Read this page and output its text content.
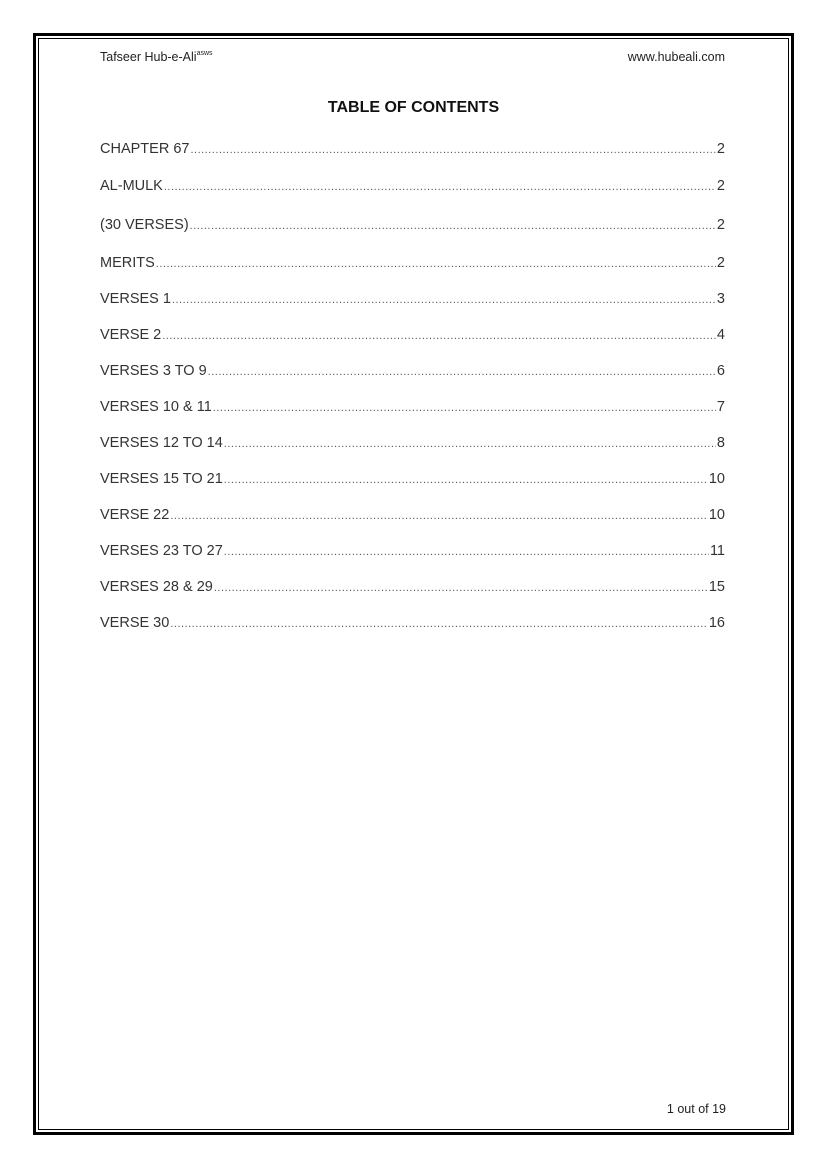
Tafseer Hub-e-Ali$^{asws}$	www.hubeali.com
TABLE OF CONTENTS
CHAPTER 67 .....	2
AL-MULK .....	2
(30 VERSES) .....	2
MERITS .....	2
VERSES 1 .....	3
VERSE 2 .....	4
VERSES 3 TO 9 .....	6
VERSES 10 & 11 .....	7
VERSES 12 TO 14 .....	8
VERSES 15 TO 21 .....	10
VERSE 22 .....	10
VERSES 23 TO 27 .....	11
VERSES 28 & 29 .....	15
VERSE 30 .....	16
1 out of 19
